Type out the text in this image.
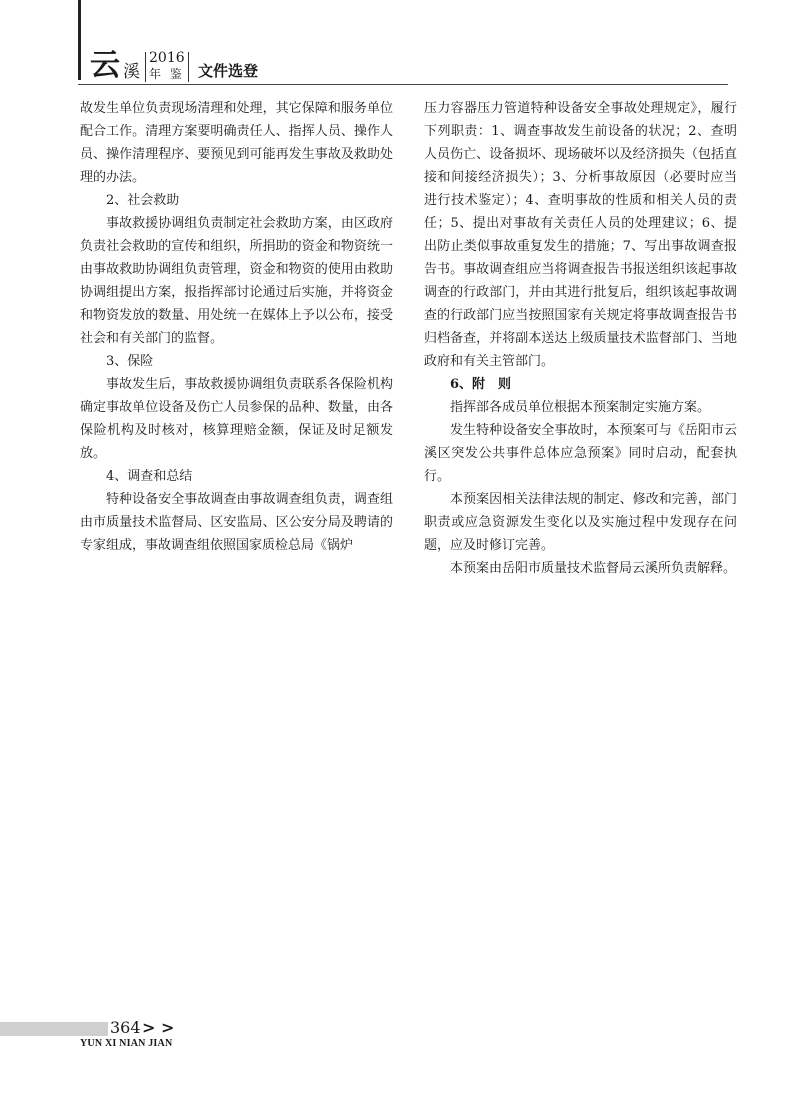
云 溪
2016
年 鉴 文件选登

故发生单位负责现场清理和处理，其它保障和服务单位配合工作。清理方案要明确责任人、指挥人员、操作人员、操作清理程序、要预见到可能再发生事故及救助处理的办法。

2、社会救助

事故救援协调组负责制定社会救助方案，由区政府负责社会救助的宣传和组织，所捐助的资金和物资统一由事故救助协调组负责管理，资金和物资的使用由救助协调组提出方案，报指挥部讨论通过后实施，并将资金和物资发放的数量、用处统一在媒体上予以公布，接受社会和有关部门的监督。

3、保险

事故发生后，事故救援协调组负责联系各保险机构确定事故单位设备及伤亡人员参保的品种、数量，由各保险机构及时核对，核算理赔金额，保证及时足额发放。

4、调查和总结

特种设备安全事故调查由事故调查组负责，调查组由市质量技术监督局、区安监局、区公安分局及聘请的专家组成，事故调查组依照国家质检总局《锅炉

压力容器压力管道特种设备安全事故处理规定》，履行下列职责：1、调查事故发生前设备的状况；2、查明人员伤亡、设备损坏、现场破坏以及经济损失（包括直接和间接经济损失）；3、分析事故原因（必要时应当进行技术鉴定）；4、查明事故的性质和相关人员的责任；5、提出对事故有关责任人员的处理建议；6、提出防止类似事故重复发生的措施；7、写出事故调查报告书。事故调查组应当将调查报告书报送组织该起事故调查的行政部门，并由其进行批复后，组织该起事故调查的行政部门应当按照国家有关规定将事故调查报告书归档备查，并将副本送达上级质量技术监督部门、当地政府和有关主管部门。

6、附　则

指挥部各成员单位根据本预案制定实施方案。

发生特种设备安全事故时，本预案可与《岳阳市云溪区突发公共事件总体应急预案》同时启动，配套执行。

本预案因相关法律法规的制定、修改和完善，部门职责或应急资源发生变化以及实施过程中发现存在问题，应及时修订完善。

本预案由岳阳市质量技术监督局云溪所负责解释。

364 > >
YUN XI NIAN JIAN
